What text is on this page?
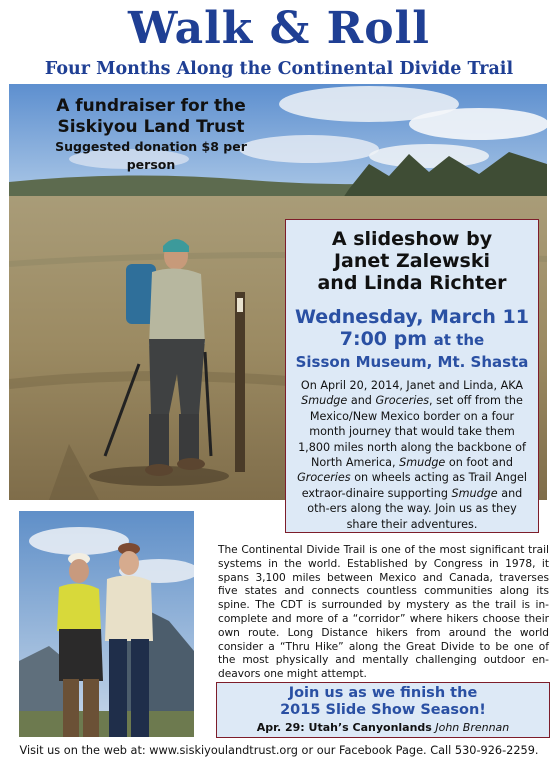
Walk & Roll
Four Months Along the Continental Divide Trail
A fundraiser for the
Siskiyou Land Trust
Suggested donation $8 per person
A slideshow by
Janet Zalewski
and Linda Richter
Wednesday, March 11
7:00 pm at the
Sisson Museum, Mt. Shasta
On April 20, 2014, Janet and Linda, AKA Smudge and Groceries, set off from the Mexico/New Mexico border on a four month journey that would take them 1,800 miles north along the backbone of North America, Smudge on foot and Groceries on wheels acting as Trail Angel extraor-dinaire supporting Smudge and oth-ers along the way. Join us as they share their adventures.
The Continental Divide Trail is one of the most significant trail systems in the world. Established by Congress in 1978, it spans 3,100 miles between Mexico and Canada, traverses five states and connects countless communities along its spine. The CDT is surrounded by mystery as the trail is in-complete and more of a “corridor” where hikers choose their own route. Long Distance hikers from around the world consider a “Thru Hike” along the Great Divide to be one of the most physically and mentally challenging outdoor en-deavors one might attempt.
Join us as we finish the
2015 Slide Show Season!
Apr. 29: Utah’s Canyonlands John Brennan
Visit us on the web at: www.siskiyoulandtrust.org or our Facebook Page. Call 530-926-2259.
